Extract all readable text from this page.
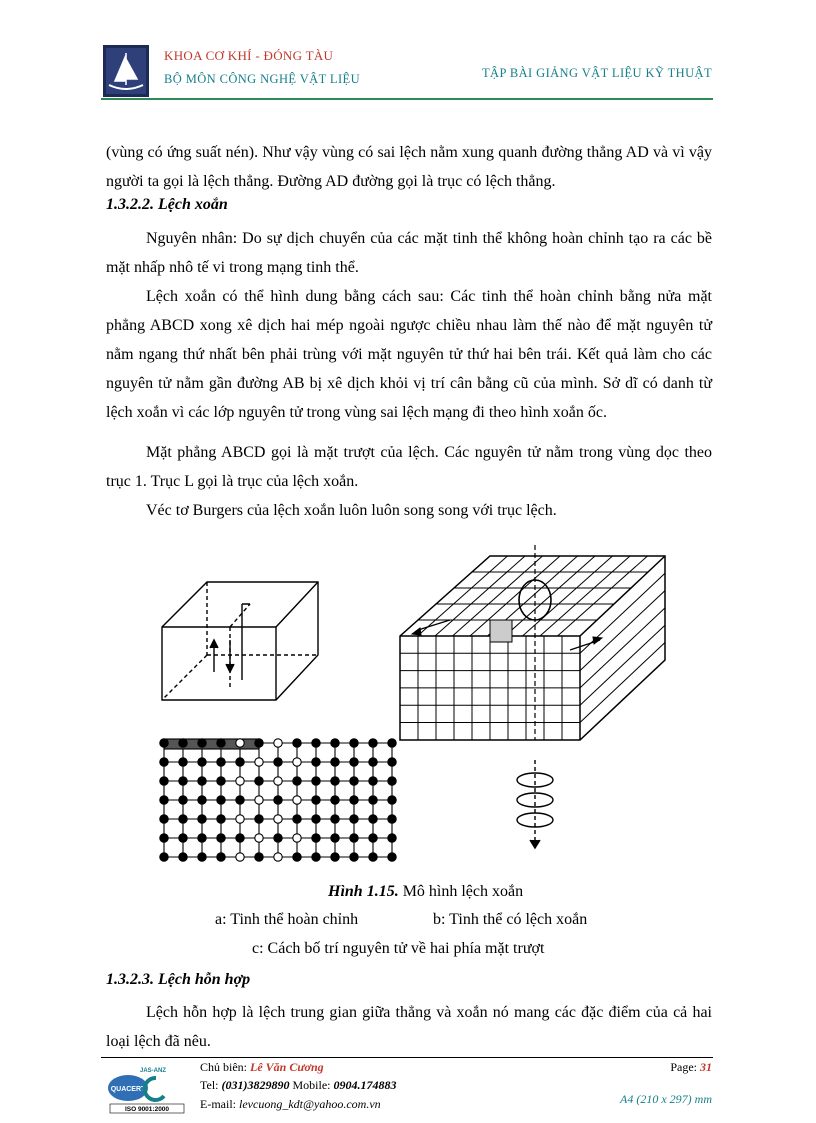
KHOA CƠ KHÍ - ĐÓNG TÀU
BỘ MÔN CÔNG NGHỆ VẬT LIỆU	TẬP BÀI GIẢNG VẬT LIỆU KỸ THUẬT
(vùng có ứng suất nén). Như vậy vùng có sai lệch nằm xung quanh đường thẳng AD và vì vậy người ta gọi là lệch thẳng. Đường AD đường gọi là trục có lệch thẳng.
1.3.2.2. Lệch xoắn
Nguyên nhân: Do sự dịch chuyển của các mặt tinh thể không hoàn chỉnh tạo ra các bề mặt nhấp nhô tế vi trong mạng tinh thể.
Lệch xoắn có thể hình dung bằng cách sau: Các tinh thể hoàn chỉnh bằng nửa mặt phẳng ABCD xong xê dịch hai mép ngoài ngược chiều nhau làm thế nào để mặt nguyên tử nằm ngang thứ nhất bên phải trùng với mặt nguyên tử thứ hai bên trái. Kết quả làm cho các nguyên tử nằm gần đường AB bị xê dịch khỏi vị trí cân bằng cũ của mình. Sở dĩ có danh từ lệch xoắn vì các lớp nguyên tử trong vùng sai lệch mạng đi theo hình xoắn ốc.
Mặt phẳng ABCD gọi là mặt trượt của lệch. Các nguyên tử nằm trong vùng dọc theo trục 1. Trục L gọi là trục của lệch xoắn.
Véc tơ Burgers của lệch xoắn luôn luôn song song với trục lệch.
Hình 1.15. Mô hình lệch xoắn
a: Tinh thể hoàn chỉnh	b: Tinh thể có lệch xoắn
c: Cách bố trí nguyên tử về hai phía mặt trượt
1.3.2.3. Lệch hỗn hợp
Lệch hỗn hợp là lệch trung gian giữa thẳng và xoắn nó mang các đặc điểm của cả hai loại lệch đã nêu.
JAS-ANZ
QUACERT
ISO 9001:2000
Chủ biên: Lê Văn Cương
Tel: (031)3829890 Mobile: 0904.174883
E-mail: levcuong_kdt@yahoo.com.vn
Page: 31
A4 (210 x 297) mm
